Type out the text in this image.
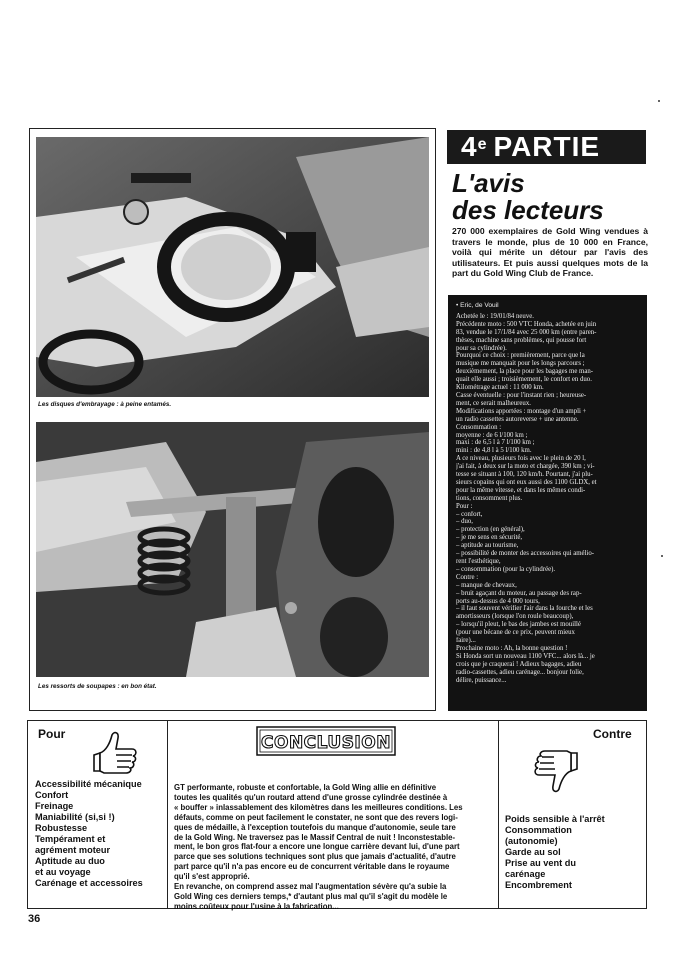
Les disques d'embrayage : à peine entamés.
Les ressorts de soupapes : en bon état.
4e PARTIE
L'avis
des lecteurs
270 000 exemplaires de Gold Wing vendues à travers le monde, plus de 10 000 en France, voilà qui mérite un détour par l'avis des utilisateurs. Et puis aussi quelques mots de la part du Gold Wing Club de France.
• Eric, de Vouil
Achetée le : 19/01/84 neuve.
Précédente moto : 500 VTC Honda, achetée en juin
83, vendue le 17/1/84 avec 25 000 km (entre paren-
thèses, machine sans problèmes, qui pousse fort
pour sa cylindrée).
Pourquoi ce choix : premièrement, parce que la
musique me manquait pour les longs parcours ;
deuxièmement, la place pour les bagages me man-
quait elle aussi ; troisièmement, le confort en duo.
Kilométrage actuel : 11 000 km.
Casse éventuelle : pour l'instant rien ; heureuse-
ment, ce serait malheureux.
Modifications apportées : montage d'un ampli +
un radio cassettes autoreverse + une antenne.
Consommation :
moyenne : de 6 l/100 km ;
maxi : de 6,5 l à 7 l/100 km ;
mini : de 4,8 l à 5 l/100 km.
A ce niveau, plusieurs fois avec le plein de 20 l,
j'ai fait, à deux sur la moto et chargée, 390 km ; vi-
tesse se situant à 100, 120 km/h. Pourtant, j'ai plu-
sieurs copains qui ont eux aussi des 1100 GLDX, et
pour la même vitesse, et dans les mêmes condi-
tions, consomment plus.
Pour :
– confort,
– duo,
– protection (en général),
– je me sens en sécurité,
– aptitude au tourisme,
– possibilité de monter des accessoires qui amélio-
rent l'esthétique,
– consommation (pour la cylindrée).
Contre :
– manque de chevaux,
– bruit agaçant du moteur, au passage des rap-
ports au-dessus de 4 000 tours,
– il faut souvent vérifier l'air dans la fourche et les
amortisseurs (lorsque l'on roule beaucoup),
– lorsqu'il pleut, le bas des jambes est mouillé
(pour une bécane de ce prix, peuvent mieux
faire)...
Prochaine moto : Ah, la bonne question !
Si Honda sort un nouveau 1100 VFC... alors là... je
crois que je craquerai ! Adieux bagages, adieu
radio-cassettes, adieu carénage... bonjour folie,
délire, puissance...
Pour
Accessibilité mécanique
Confort
Freinage
Maniabilité (si,si !)
Robustesse
Tempérament et
agrément moteur
Aptitude au duo
et au voyage
Carénage et accessoires
CONCLUSION
GT performante, robuste et confortable, la Gold Wing allie en définitive
toutes les qualités qu'un routard attend d'une grosse cylindrée destinée à
« bouffer » inlassablement des kilomètres dans les meilleures conditions. Les
défauts, comme on peut facilement le constater, ne sont que des revers logi-
ques de médaille, à l'exception toutefois du manque d'autonomie, seule tare
de la Gold Wing. Ne traversez pas le Massif Central de nuit ! Inconstestable-
ment, le bon gros flat-four a encore une longue carrière devant lui, d'une part
parce que ses solutions techniques sont plus que jamais d'actualité, d'autre
part parce qu'il n'a pas encore eu de concurrent véritable dans le royaume
qu'il s'est approprié.
En revanche, on comprend assez mal l'augmentation sévère qu'a subie la
Gold Wing ces derniers temps,* d'autant plus mal qu'il s'agit du modèle le
moins coûteux pour l'usine à la fabrication...
Contre
Poids sensible à l'arrêt
Consommation
(autonomie)
Garde au sol
Prise au vent du
carénage
Encombrement
36
